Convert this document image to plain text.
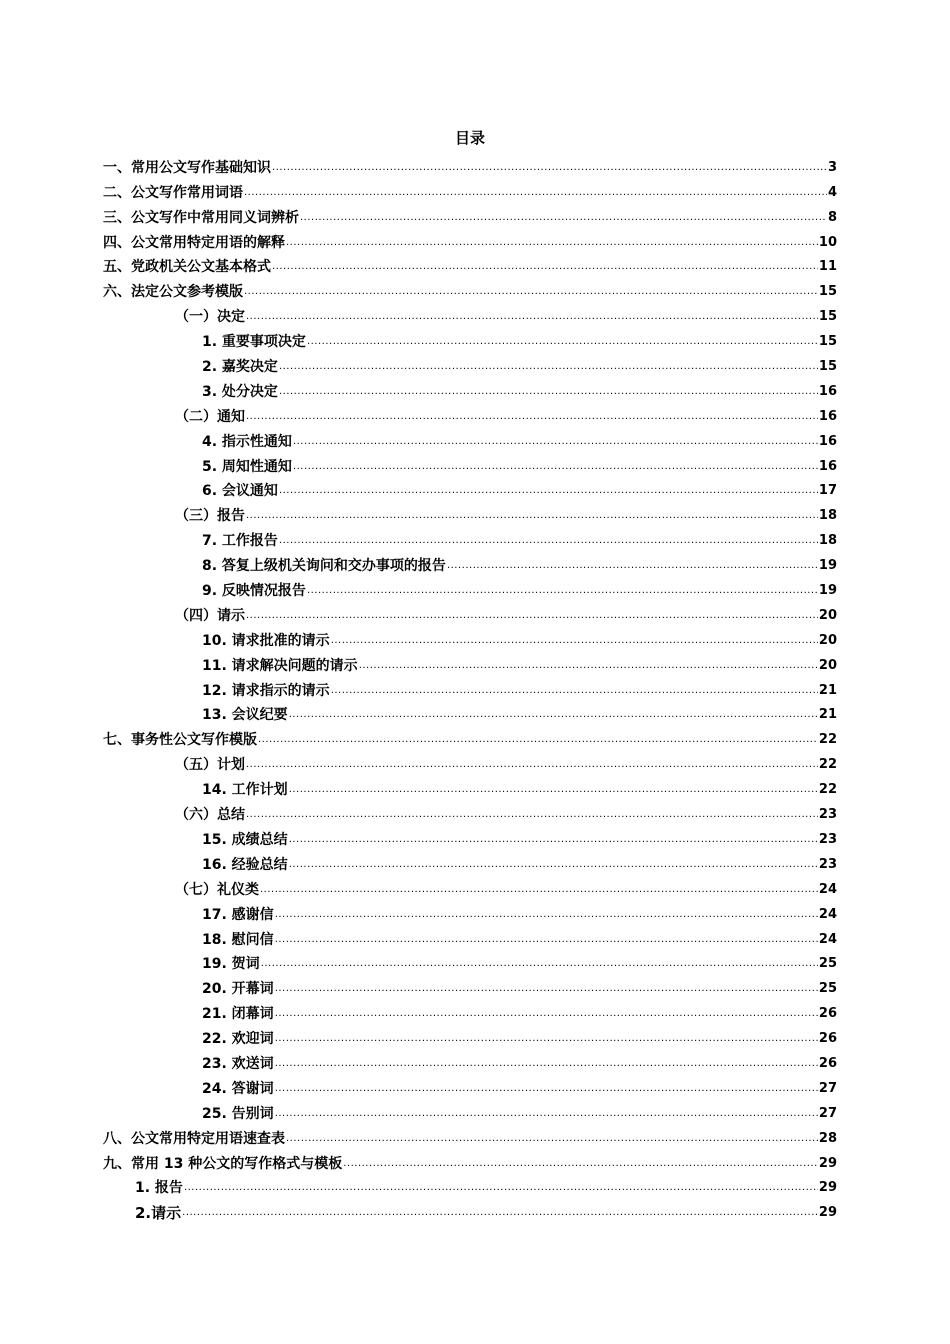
目录
一、常用公文写作基础知识 .....	3
二、公文写作常用词语 .....	4
三、公文写作中常用同义词辨析 .....	8
四、公文常用特定用语的解释 .....	10
五、党政机关公文基本格式 .....	11
六、法定公文参考模版 .....	15
（一）决定 .....	15
1. 重要事项决定 .....	15
2. 嘉奖决定 .....	15
3. 处分决定 .....	16
（二）通知 .....	16
4. 指示性通知 .....	16
5. 周知性通知 .....	16
6. 会议通知 .....	17
（三）报告 .....	18
7. 工作报告 .....	18
8. 答复上级机关询问和交办事项的报告 .....	19
9. 反映情况报告 .....	19
（四）请示 .....	20
10. 请求批准的请示 .....	20
11. 请求解决问题的请示 .....	20
12. 请求指示的请示 .....	21
13. 会议纪要 .....	21
七、事务性公文写作模版 .....	22
（五）计划 .....	22
14. 工作计划 .....	22
（六）总结 .....	23
15. 成绩总结 .....	23
16. 经验总结 .....	23
（七）礼仪类 .....	24
17. 感谢信 .....	24
18. 慰问信 .....	24
19. 贺词 .....	25
20. 开幕词 .....	25
21. 闭幕词 .....	26
22. 欢迎词 .....	26
23. 欢送词 .....	26
24. 答谢词 .....	27
25. 告别词 .....	27
八、公文常用特定用语速查表 .....	28
九、常用 13 种公文的写作格式与模板 .....	29
1. 报告 .....	29
2.请示 .....	29
